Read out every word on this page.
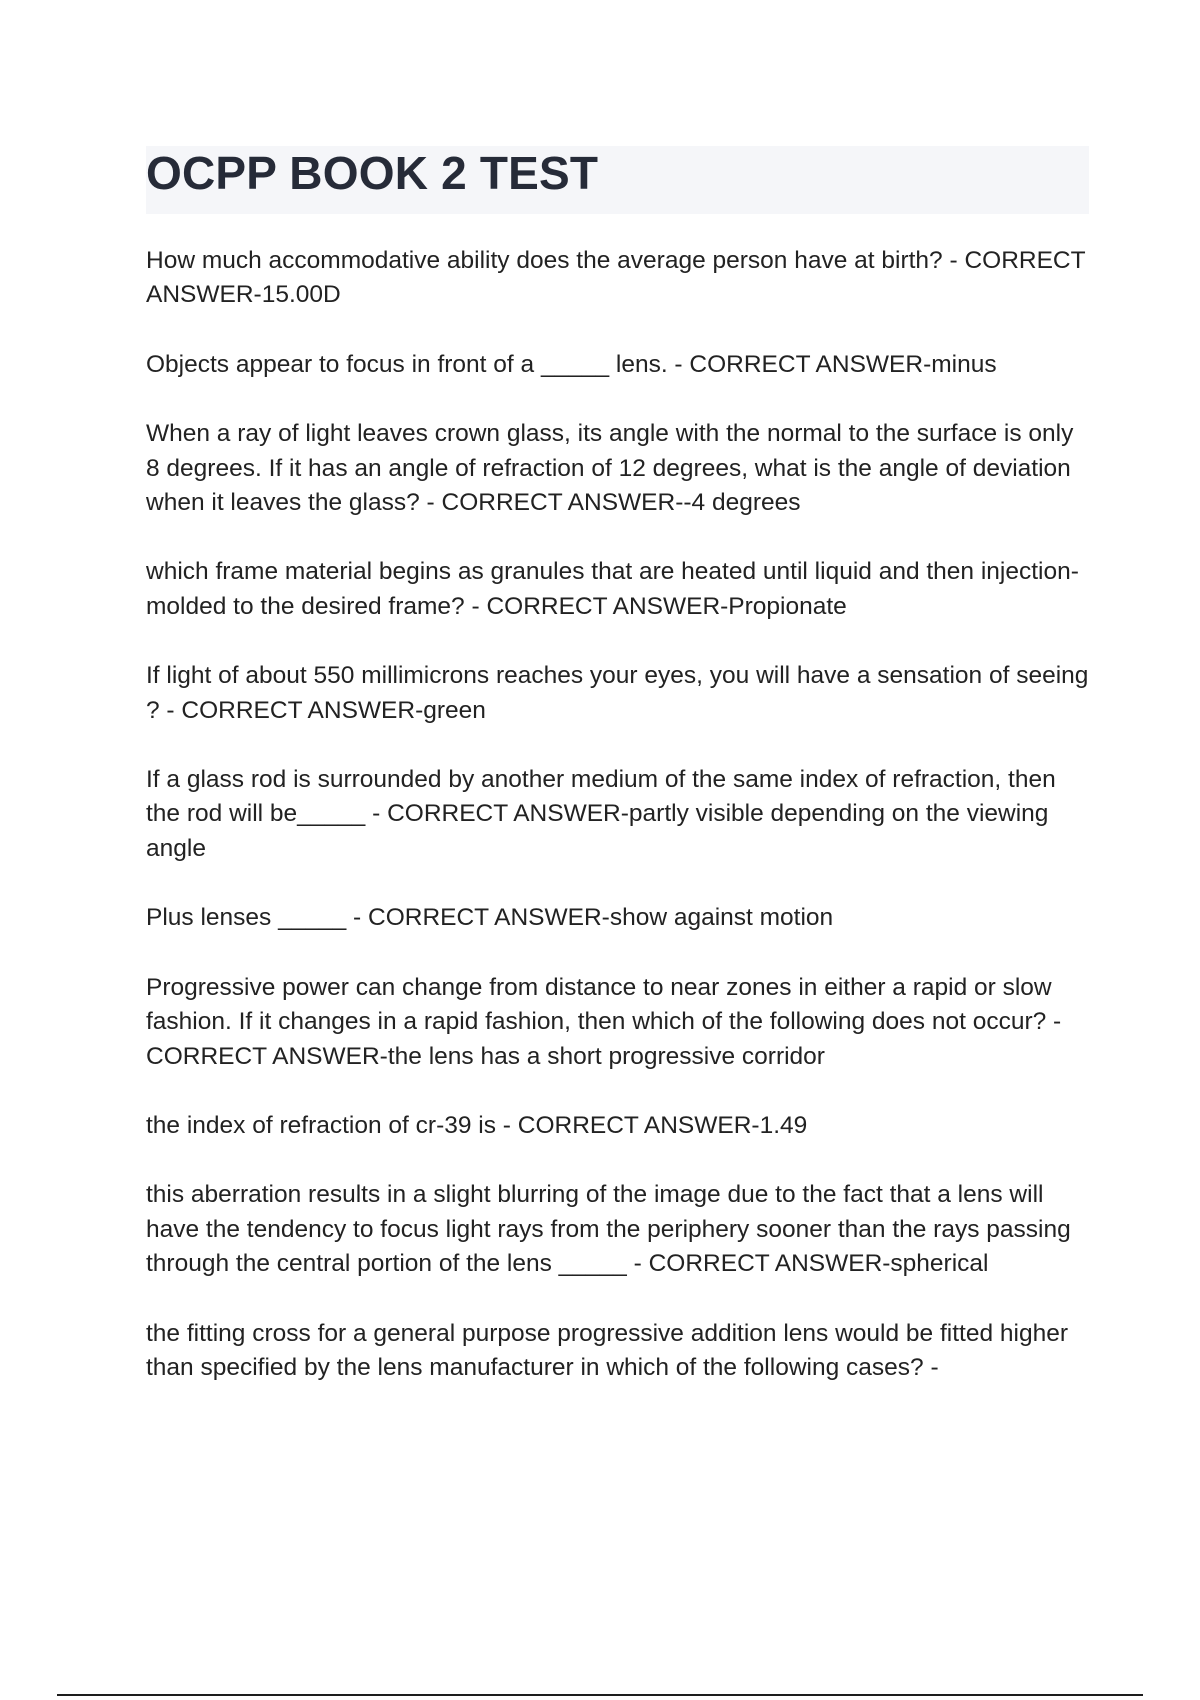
OCPP BOOK 2 TEST

How much accommodative ability does the average person have at birth? - CORRECT ANSWER-15.00D

Objects appear to focus in front of a _____ lens. - CORRECT ANSWER-minus

When a ray of light leaves crown glass, its angle with the normal to the surface is only 8 degrees. If it has an angle of refraction of 12 degrees, what is the angle of deviation when it leaves the glass? - CORRECT ANSWER--4 degrees

which frame material begins as granules that are heated until liquid and then injection-molded to the desired frame? - CORRECT ANSWER-Propionate

If light of about 550 millimicrons reaches your eyes, you will have a sensation of seeing ? - CORRECT ANSWER-green

If a glass rod is surrounded by another medium of the same index of refraction, then the rod will be_____ - CORRECT ANSWER-partly visible depending on the viewing angle

Plus lenses _____ - CORRECT ANSWER-show against motion

Progressive power can change from distance to near zones in either a rapid or slow fashion. If it changes in a rapid fashion, then which of the following does not occur? - CORRECT ANSWER-the lens has a short progressive corridor

the index of refraction of cr-39 is - CORRECT ANSWER-1.49

this aberration results in a slight blurring of the image due to the fact that a lens will have the tendency to focus light rays from the periphery sooner than the rays passing through the central portion of the lens _____ - CORRECT ANSWER-spherical

the fitting cross for a general purpose progressive addition lens would be fitted higher than specified by the lens manufacturer in which of the following cases? -
